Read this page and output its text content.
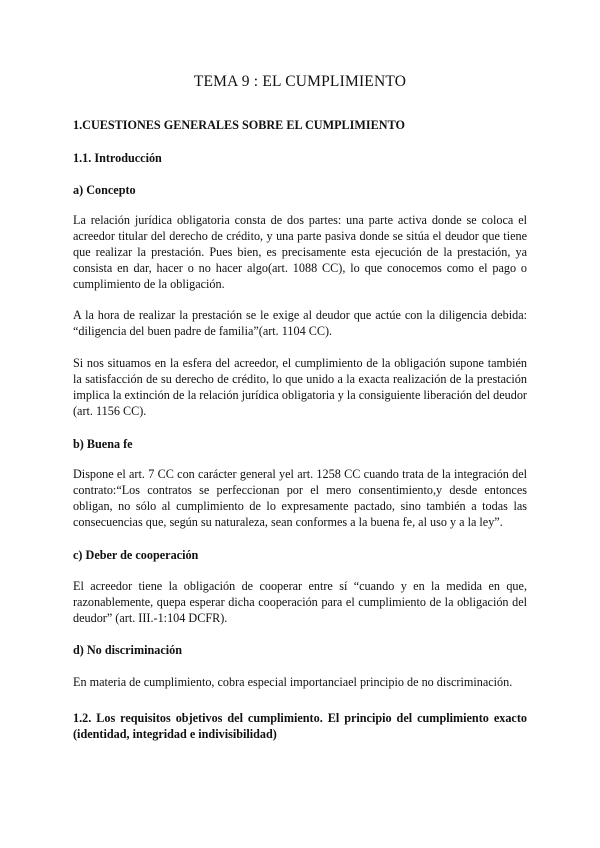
TEMA 9 : EL CUMPLIMIENTO
1.CUESTIONES GENERALES SOBRE EL CUMPLIMIENTO
1.1. Introducción
a) Concepto
La relación jurídica obligatoria consta de dos partes: una parte activa donde se coloca el acreedor titular del derecho de crédito, y una parte pasiva donde se sitúa el deudor que tiene que realizar la prestación. Pues bien, es precisamente esta ejecución de la prestación, ya consista en dar, hacer o no hacer algo(art. 1088 CC), lo que conocemos como el pago o cumplimiento de la obligación.
A la hora de realizar la prestación se le exige al deudor que actúe con la diligencia debida: “diligencia del buen padre de familia”(art. 1104 CC).
Si nos situamos en la esfera del acreedor, el cumplimiento de la obligación supone también la satisfacción de su derecho de crédito, lo que unido a la exacta realización de la prestación implica la extinción de la relación jurídica obligatoria y la consiguiente liberación del deudor (art. 1156 CC).
b) Buena fe
Dispone el art. 7 CC con carácter general yel art. 1258 CC cuando trata de la integración del contrato:“Los contratos se perfeccionan por el mero consentimiento,y desde entonces obligan, no sólo al cumplimiento de lo expresamente pactado, sino también a todas las consecuencias que, según su naturaleza, sean conformes a la buena fe, al uso y a la ley”.
c) Deber de cooperación
El acreedor tiene la obligación de cooperar entre sí “cuando y en la medida en que, razonablemente, quepa esperar dicha cooperación para el cumplimiento de la obligación del deudor” (art. III.-1:104 DCFR).
d) No discriminación
En materia de cumplimiento, cobra especial importanciael principio de no discriminación.
1.2. Los requisitos objetivos del cumplimiento. El principio del cumplimiento exacto (identidad, integridad e indivisibilidad)
